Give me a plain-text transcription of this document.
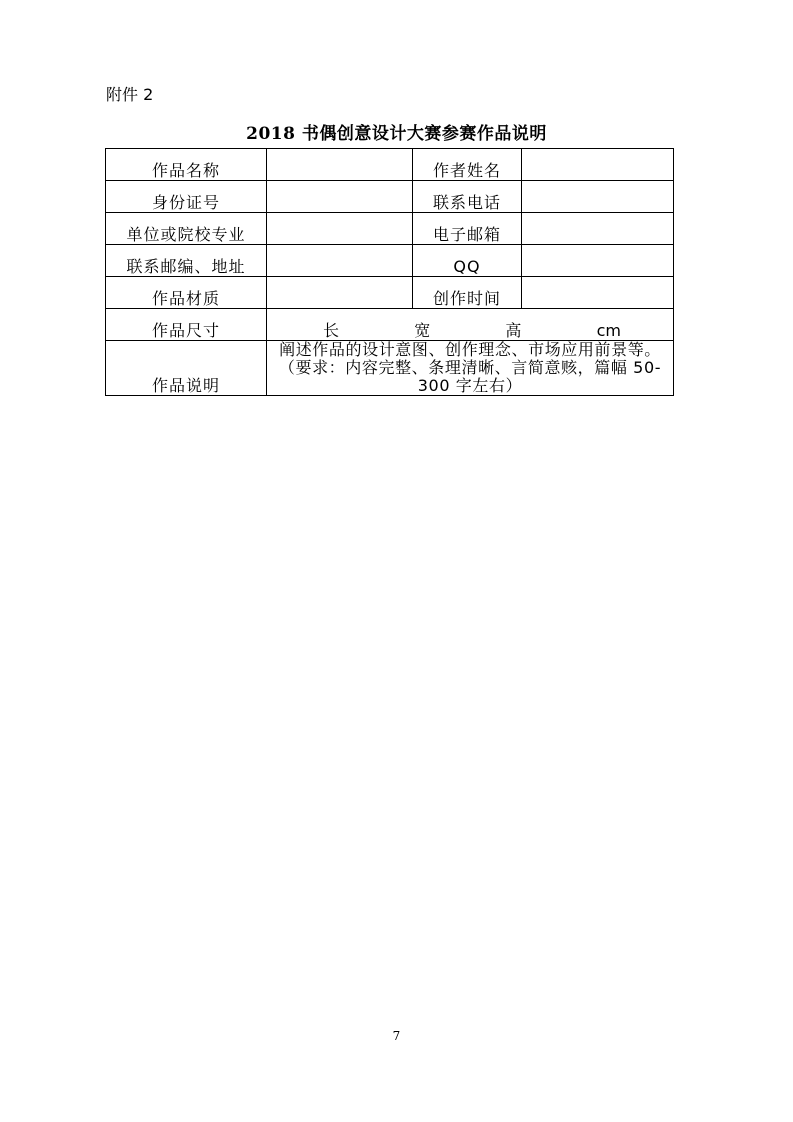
附件 2
2018 书偶创意设计大赛参赛作品说明
作品名称		作者姓名	
身份证号		联系电话	
单位或院校专业		电子邮箱	
联系邮编、地址		QQ	
作品材质		创作时间	
作品尺寸	长 宽 高 cm		

作品说明	阐述作品的设计意图、创作理念、市场应用前景等。（要求：内容完整、条理清晰、言简意赅，篇幅 50-300 字左右）		
7
